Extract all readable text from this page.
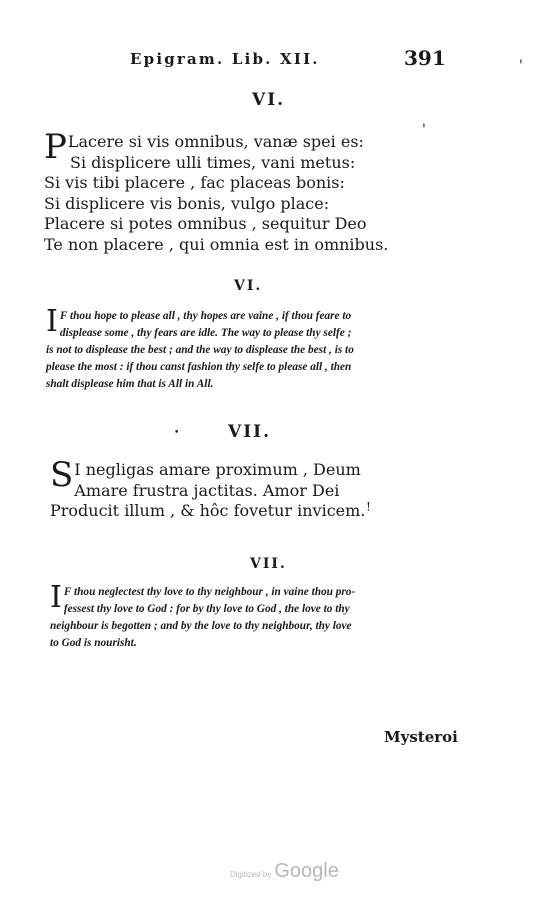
Epigram. Lib. XII.	391	'
VI.
'
P Lacere si vis omnibus, vanæ spei es:
Si displicere ulli times, vani metus:
Si vis tibi placere , fac placeas bonis:
Si displicere vis bonis, vulgo place:
Placere si potes omnibus , sequitur Deo
Te non placere , qui omnia est in omnibus.
VI.
I F thou hope to please all , thy hopes are vaine , if thou feare to
displease some , thy fears are idle. The way to please thy selfe ;
is not to displease the best ; and the way to displease the best , is to
please the most : if thou canst fashion thy selfe to please all , then
shalt displease him that is All in All.
VII.
•
S I negligas amare proximum , Deum
Amare frustra jactitas. Amor Dei
Producit illum , & hôc fovetur invicem. !
VII.
I F thou neglectest thy love to thy neighbour , in vaine thou pro-
fessest thy love to God : for by thy love to God , the love to thy
neighbour is begotten ; and by the love to thy neighbour, thy love
to God is nourisht.
Mysteroi
Digitized by Google
